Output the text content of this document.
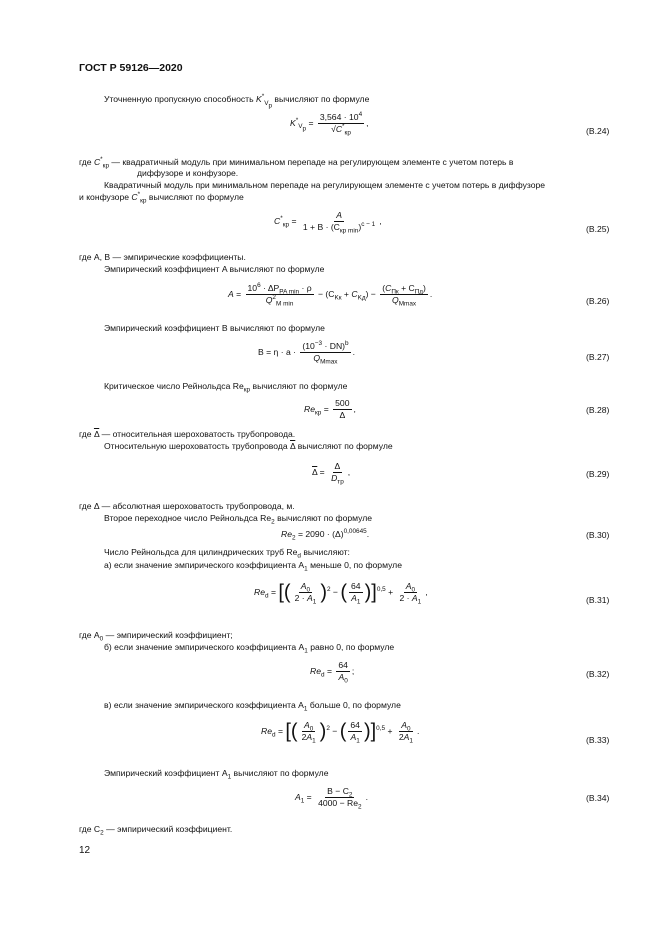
ГОСТ Р 59126—2020
Уточненную пропускную способность $K^*_{V_р}$ вычисляют по формуле
$K^*_{V_р} = \frac{3,564 \cdot 10^4}{√C^*_{кр}}$ ,
(В.24)
где $C^*_{кр}$ — квадратичный модуль при минимальном перепаде на регулирующем элементе с учетом потерь в
диффузоре и конфузоре.
Квадратичный модуль при минимальном перепаде на регулирующем элементе с учетом потерь в диффузоре
и конфузоре $C^*_{кр}$ вычисляют по формуле
$C^*_{кр} = \frac{A}{1 + B \cdot (C_{кр min})^{c - 1}}$ ,
(В.25)
где A, B — эмпирические коэффициенты.
Эмпирический коэффициент A вычисляют по формуле
$A = \frac{10^6 \cdot \Delta P_{PA min} \cdot \rho}{Q^2_{M min}} - (C_{Kк} + C_{Kд}) - \frac{(C_{Пк} + C_{Пд})}{Q_{Mmax}}$ .
(В.26)
Эмпирический коэффициент B вычисляют по формуле
$B = \eta \cdot a \cdot \frac{(10^{-3} \cdot DN)^b}{Q_{Mmax}}$ .
(В.27)
Критическое число Рейнольдса $Re_{кр}$ вычисляют по формуле
$Re_{кр} = \frac{500}{\Delta}$ ,	(В.28)
где $\overline{\Delta}$ — относительная шероховатость трубопровода.
Относительную шероховатость трубопровода $\overline{\Delta}$ вычисляют по формуле
$\overline{\Delta} = \frac{\Delta}{D_{тр}}$ ,	(В.29)
где Δ — абсолютная шероховатость трубопровода, м.
Второе переходное число Рейнольдса $Re_2$ вычисляют по формуле
$Re_2 = 2090 \cdot (\Delta)^{0,00645}$.	(В.30)
Число Рейнольдса для цилиндрических труб $Re_d$ вычисляют:
а) если значение эмпирического коэффициента $A_1$ меньше 0, по формуле
$Re_d$ = [( $\frac{A_0}{2 \cdot A_1} )^2$ − ( $\frac{64}{A_1} )]^{0,5} + \frac{A_0}{2 \cdot A_1}$ ,
(В.31)
где $A_0$ — эмпирический коэффициент;
б) если значение эмпирического коэффициента $A_1$ равно 0, по формуле
$Re_d = \frac{64}{A_0}$ ;	(В.32)
в) если значение эмпирического коэффициента $A_1$ больше 0, по формуле
$Re_d$ = [( $\frac{A_0}{2A_1} )^2$ − ( $\frac{64}{A_1} )]^{0,5} + \frac{A_0}{2A_1}$ .
(В.33)
Эмпирический коэффициент $A_1$ вычисляют по формуле
$A_1 = \frac{B - C_2}{4000 - Re_2}$ .	(В.34)
где $C_2$ — эмпирический коэффициент.
12
